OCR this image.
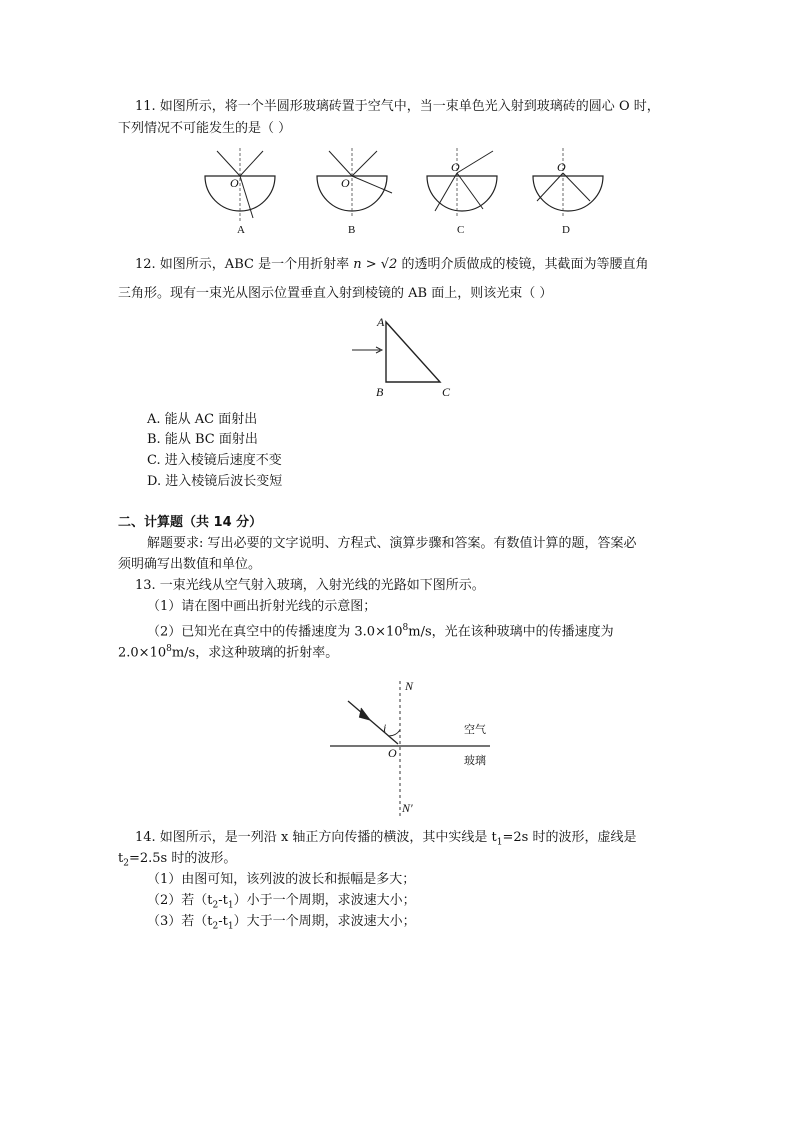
11. 如图所示，将一个半圆形玻璃砖置于空气中，当一束单色光入射到玻璃砖的圆心 O 时，
下列情况不可能发生的是（ ）
O
A
O
B
O
C
O
D
12. 如图所示，ABC 是一个用折射率 n > √2 的透明介质做成的棱镜，其截面为等腰直角
三角形。现有一束光从图示位置垂直入射到棱镜的 AB 面上，则该光束（ ）
A
B	C
A. 能从 AC 面射出
B. 能从 BC 面射出
C. 进入棱镜后速度不变
D. 进入棱镜后波长变短
二、计算题（共 14 分）
解题要求: 写出必要的文字说明、方程式、演算步骤和答案。有数值计算的题，答案必
须明确写出数值和单位。
13. 一束光线从空气射入玻璃，入射光线的光路如下图所示。
（1）请在图中画出折射光线的示意图；
（2）已知光在真空中的传播速度为 $3.0\times 10^8m/s$，光在该种玻璃中的传播速度为
$2.0\times 10^8m/s$，求这种玻璃的折射率。
N
i
O
N′
空气
玻璃
14. 如图所示，是一列沿 x 轴正方向传播的横波，其中实线是 $t_1=2s$ 时的波形，虚线是
$t_2=2.5s$ 时的波形。
（1）由图可知，该列波的波长和振幅是多大；
（2）若$(t_2-t_1)$小于一个周期，求波速大小；
（3）若$(t_2-t_1)$大于一个周期，求波速大小；
